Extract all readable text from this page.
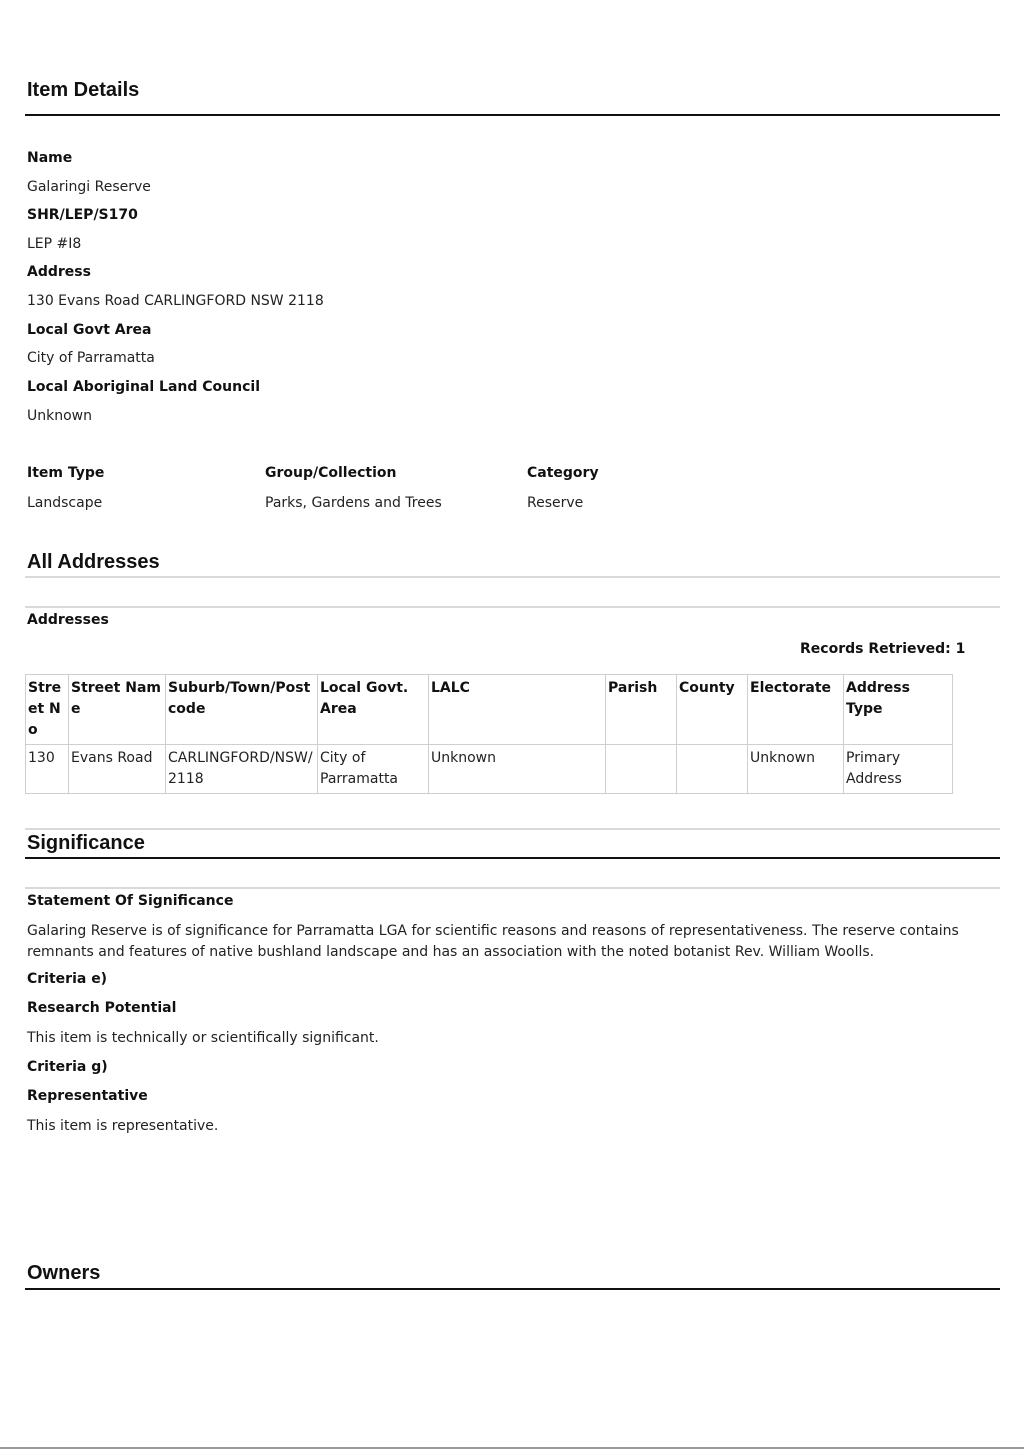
Item Details
Name
Galaringi Reserve
SHR/LEP/S170
LEP #I8
Address
130 Evans Road CARLINGFORD NSW 2118
Local Govt Area
City of Parramatta
Local Aboriginal Land Council
Unknown
Item Type
Landscape
Group/Collection
Parks, Gardens and Trees
Category
Reserve
All Addresses
Addresses
Records Retrieved: 1
Street No	Street Name	Suburb/Town/Postcode	Local Govt. Area	LALC	Parish	County	Electorate	Address Type
130	Evans Road	CARLINGFORD/NSW/2118	City of Parramatta	Unknown			Unknown	Primary Address
Significance
Statement Of Significance
Galaring Reserve is of significance for Parramatta LGA for scientific reasons and reasons of representativeness. The reserve contains remnants and features of native bushland landscape and has an association with the noted botanist Rev. William Woolls.
Criteria e)
Research Potential
This item is technically or scientifically significant.
Criteria g)
Representative
This item is representative.
Owners
